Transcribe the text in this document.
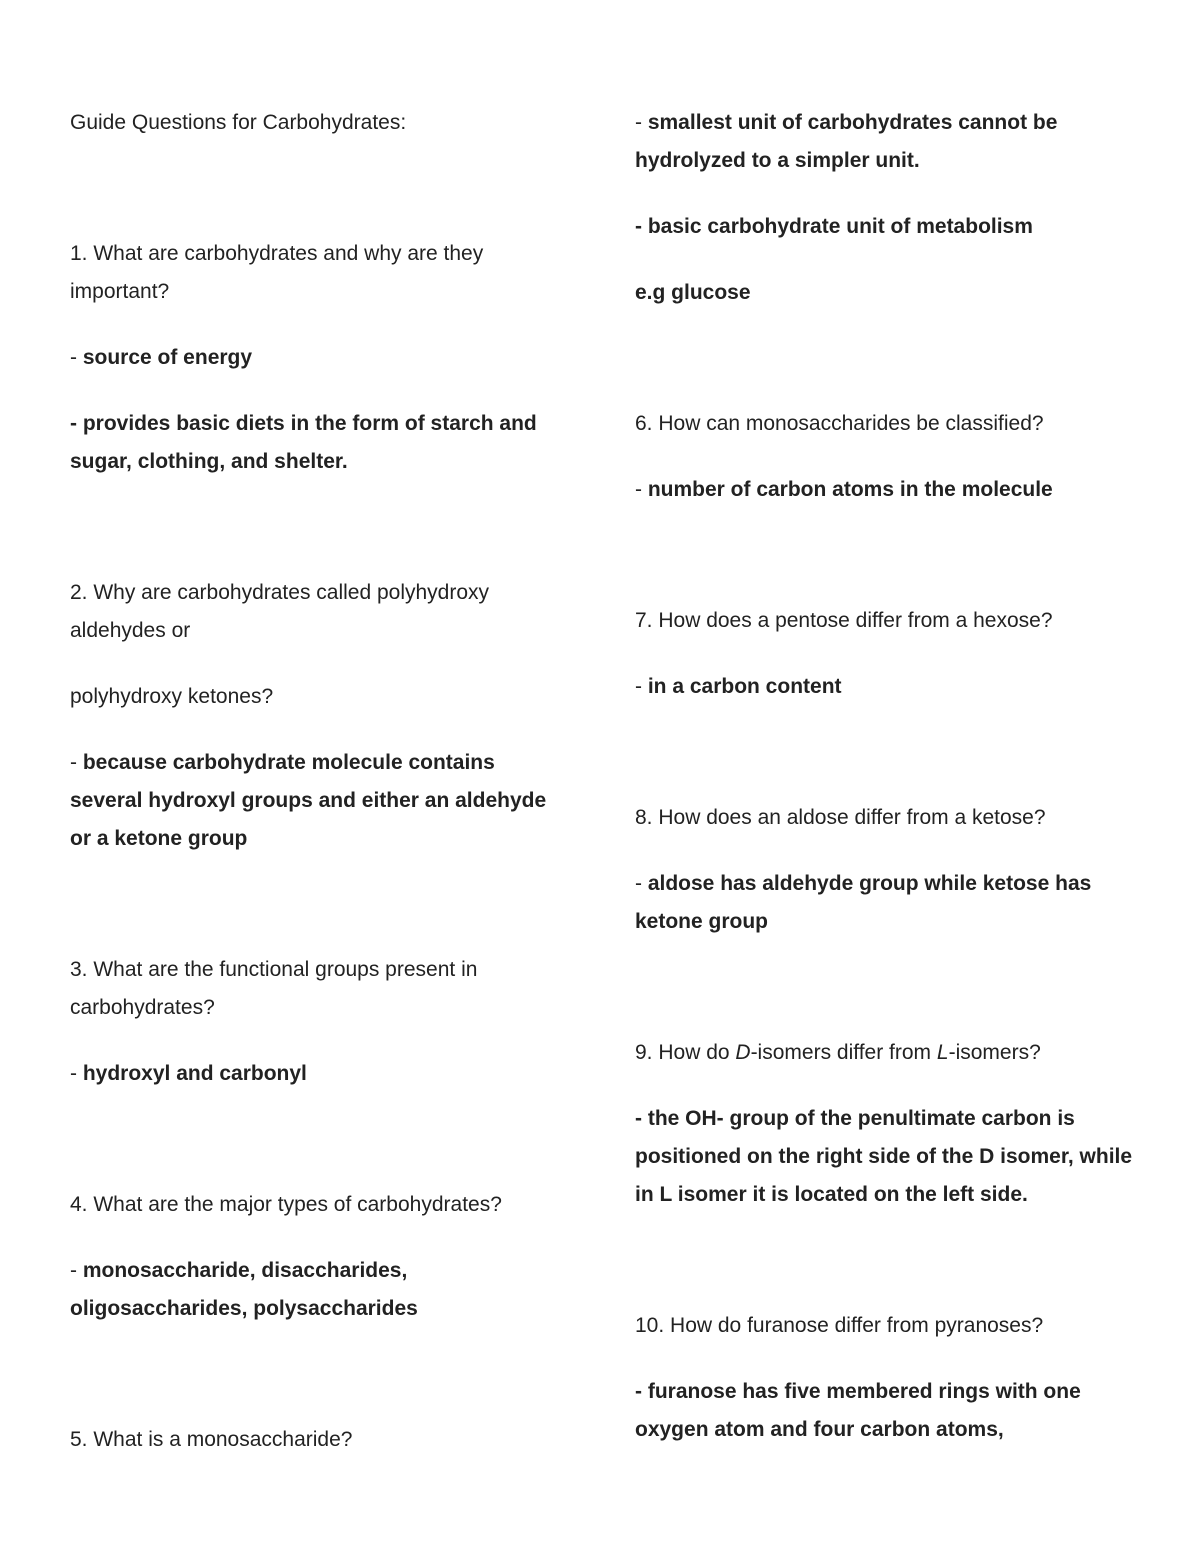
Guide Questions for Carbohydrates:

1. What are carbohydrates and why are they important?

- source of energy

- provides basic diets in the form of starch and sugar, clothing, and shelter.

2. Why are carbohydrates called polyhydroxy aldehydes or

polyhydroxy ketones?

- because carbohydrate molecule contains several hydroxyl groups and either an aldehyde or a ketone group

3. What are the functional groups present in carbohydrates?

- hydroxyl and carbonyl

4. What are the major types of carbohydrates?

- monosaccharide, disaccharides, oligosaccharides, polysaccharides

5. What is a monosaccharide?

- smallest unit of carbohydrates cannot be hydrolyzed to a simpler unit.

- basic carbohydrate unit of metabolism

e.g glucose

6. How can monosaccharides be classified?

- number of carbon atoms in the molecule

7. How does a pentose differ from a hexose?

- in a carbon content

8. How does an aldose differ from a ketose?

- aldose has aldehyde group while ketose has ketone group

9. How do D-isomers differ from L-isomers?

- the OH- group of the penultimate carbon is positioned on the right side of the D isomer, while in L isomer it is located on the left side.

10. How do furanose differ from pyranoses?

- furanose has five membered rings with one oxygen atom and four carbon atoms,
